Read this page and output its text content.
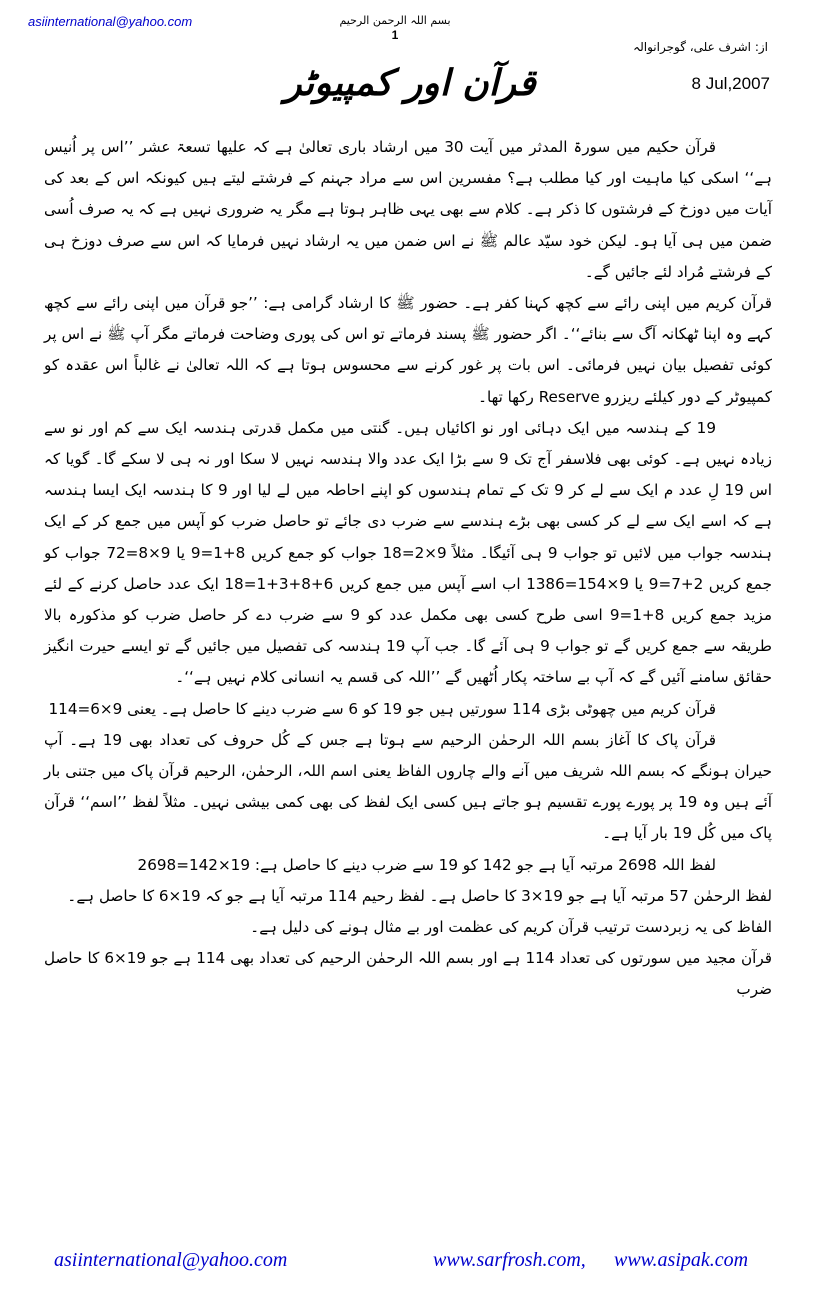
asiinternational@yahoo.com	بسم اللہ الرحمن الرحیم
1
از: اشرف علی، گوجرانوالہ
8 Jul,2007
قرآن اور کمپیوٹر

قرآن حکیم میں سورۃ المدثر میں آیت 30 میں ارشاد باری تعالیٰ ہے کہ علیھا تسعۃ عشر ’’اس پر اُنیس ہے‘‘ اسکی کیا ماہیت اور کیا مطلب ہے؟ مفسرین اس سے مراد جہنم کے فرشتے لیتے ہیں کیونکہ اس کے بعد کی آیات میں دوزخ کے فرشتوں کا ذکر ہے۔ کلام سے بھی یہی ظاہر ہوتا ہے مگر یہ ضروری نہیں ہے کہ یہ صرف اُسی ضمن میں ہی آیا ہو۔ لیکن خود سیّد عالم ﷺ نے اس ضمن میں یہ ارشاد نہیں فرمایا کہ اس سے صرف دوزخ ہی کے فرشتے مُراد لئے جائیں گے۔

قرآن کریم میں اپنی رائے سے کچھ کہنا کفر ہے۔ حضور ﷺ کا ارشاد گرامی ہے: ’’جو قرآن میں اپنی رائے سے کچھ کہے وہ اپنا ٹھکانہ آگ سے بنائے‘‘۔ اگر حضور ﷺ پسند فرماتے تو اس کی پوری وضاحت فرماتے مگر آپ ﷺ نے اس پر کوئی تفصیل بیان نہیں فرمائی۔ اس بات پر غور کرنے سے محسوس ہوتا ہے کہ اللہ تعالیٰ نے غالباً اس عقدہ کو کمپیوٹر کے دور کیلئے ریزرو Reserve رکھا تھا۔

19 کے ہندسہ میں ایک دہائی اور نو اکائیاں ہیں۔ گنتی میں مکمل قدرتی ہندسہ ایک سے کم اور نو سے زیادہ نہیں ہے۔ کوئی بھی فلاسفر آج تک 9 سے بڑا ایک عدد والا ہندسہ نہیں لا سکا اور نہ ہی لا سکے گا۔ گویا کہ اس 19 لِ عدد م ایک سے لے کر 9 تک کے تمام ہندسوں کو اپنے احاطہ میں لے لیا اور 9 کا ہندسہ ایک ایسا ہندسہ ہے کہ اسے ایک سے لے کر کسی بھی بڑے ہندسے سے ضرب دی جائے تو حاصل ضرب کو آپس میں جمع کر کے ایک ہندسہ جواب میں لائیں تو جواب 9 ہی آئیگا۔ مثلاً 9×2=18 جواب کو جمع کریں 8+1=9 یا 9×8=72 جواب کو جمع کریں 2+7=9 یا 9×154=1386 اب اسے آپس میں جمع کریں 6+8+3+1=18 ایک عدد حاصل کرنے کے لئے مزید جمع کریں 8+1=9 اسی طرح کسی بھی مکمل عدد کو 9 سے ضرب دے کر حاصل ضرب کو مذکورہ بالا طریقہ سے جمع کریں گے تو جواب 9 ہی آئے گا۔ جب آپ 19 ہندسہ کی تفصیل میں جائیں گے تو ایسے حیرت انگیز حقائق سامنے آئیں گے کہ آپ بے ساختہ پکار اُٹھیں گے ’’اللہ کی قسم یہ انسانی کلام نہیں ہے‘‘۔

قرآن کریم میں چھوٹی بڑی 114 سورتیں ہیں جو 19 کو 6 سے ضرب دینے کا حاصل ہے۔ یعنی 9×6=114

قرآن پاک کا آغاز بسم اللہ الرحمٰن الرحیم سے ہوتا ہے جس کے کُل حروف کی تعداد بھی 19 ہے۔ آپ حیران ہونگے کہ بسم اللہ شریف میں آنے والے چاروں الفاظ یعنی اسم اللہ، الرحمٰن، الرحیم قرآن پاک میں جتنی بار آئے ہیں وہ 19 پر پورے پورے تقسیم ہو جاتے ہیں کسی ایک لفظ کی بھی کمی بیشی نہیں۔ مثلاً لفظ ’’اسم‘‘ قرآن پاک میں کُل 19 بار آیا ہے۔

لفظ اللہ 2698 مرتبہ آیا ہے جو 142 کو 19 سے ضرب دینے کا حاصل ہے: 19×142=2698

لفظ الرحمٰن 57 مرتبہ آیا ہے جو 19×3 کا حاصل ہے۔ لفظ رحیم 114 مرتبہ آیا ہے جو کہ 19×6 کا حاصل ہے۔

الفاظ کی یہ زبردست ترتیب قرآن کریم کی عظمت اور بے مثال ہونے کی دلیل ہے۔

قرآن مجید میں سورتوں کی تعداد 114 ہے اور بسم اللہ الرحمٰن الرحیم کی تعداد بھی 114 ہے جو 19×6 کا حاصل ضرب

asiinternational@yahoo.com	www.sarfrosh.com, www.asipak.com
